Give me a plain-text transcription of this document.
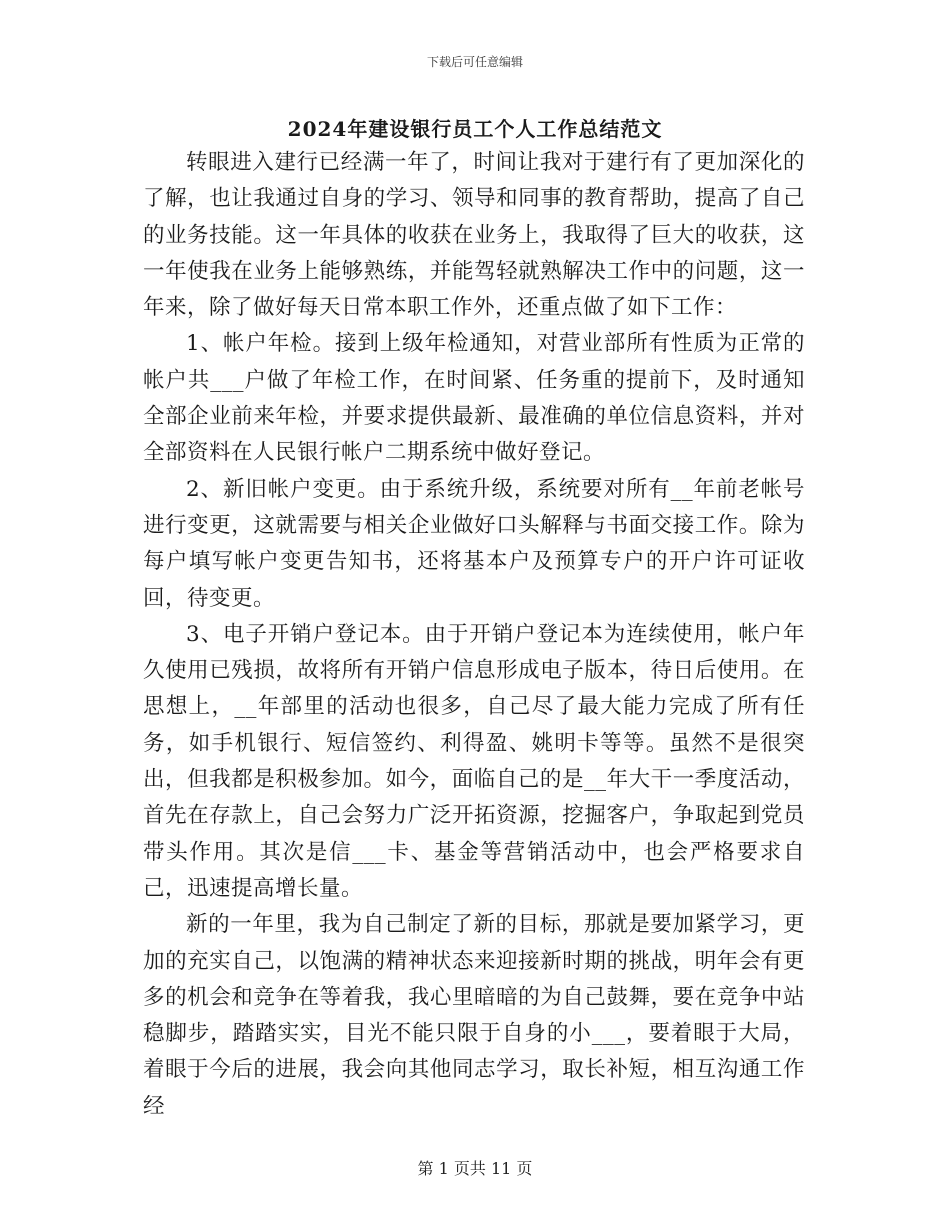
下载后可任意编辑
2024年建设银行员工个人工作总结范文

转眼进入建行已经满一年了，时间让我对于建行有了更加深化的了解，也让我通过自身的学习、领导和同事的教育帮助，提高了自己的业务技能。这一年具体的收获在业务上，我取得了巨大的收获，这一年使我在业务上能够熟练，并能驾轻就熟解决工作中的问题，这一年来，除了做好每天日常本职工作外，还重点做了如下工作：

1、帐户年检。接到上级年检通知，对营业部所有性质为正常的帐户共___户做了年检工作，在时间紧、任务重的提前下，及时通知全部企业前来年检，并要求提供最新、最准确的单位信息资料，并对全部资料在人民银行帐户二期系统中做好登记。

2、新旧帐户变更。由于系统升级，系统要对所有__年前老帐号进行变更，这就需要与相关企业做好口头解释与书面交接工作。除为每户填写帐户变更告知书，还将基本户及预算专户的开户许可证收回，待变更。

3、电子开销户登记本。由于开销户登记本为连续使用，帐户年久使用已残损，故将所有开销户信息形成电子版本，待日后使用。在思想上，__年部里的活动也很多，自己尽了最大能力完成了所有任务，如手机银行、短信签约、利得盈、姚明卡等等。虽然不是很突出，但我都是积极参加。如今，面临自己的是__年大干一季度活动，首先在存款上，自己会努力广泛开拓资源，挖掘客户，争取起到党员带头作用。其次是信___卡、基金等营销活动中，也会严格要求自己，迅速提高增长量。

新的一年里，我为自己制定了新的目标，那就是要加紧学习，更加的充实自己，以饱满的精神状态来迎接新时期的挑战，明年会有更多的机会和竞争在等着我，我心里暗暗的为自己鼓舞，要在竞争中站稳脚步，踏踏实实，目光不能只限于自身的小___，要着眼于大局，着眼于今后的进展，我会向其他同志学习，取长补短，相互沟通工作经

第 1 页共 11 页
